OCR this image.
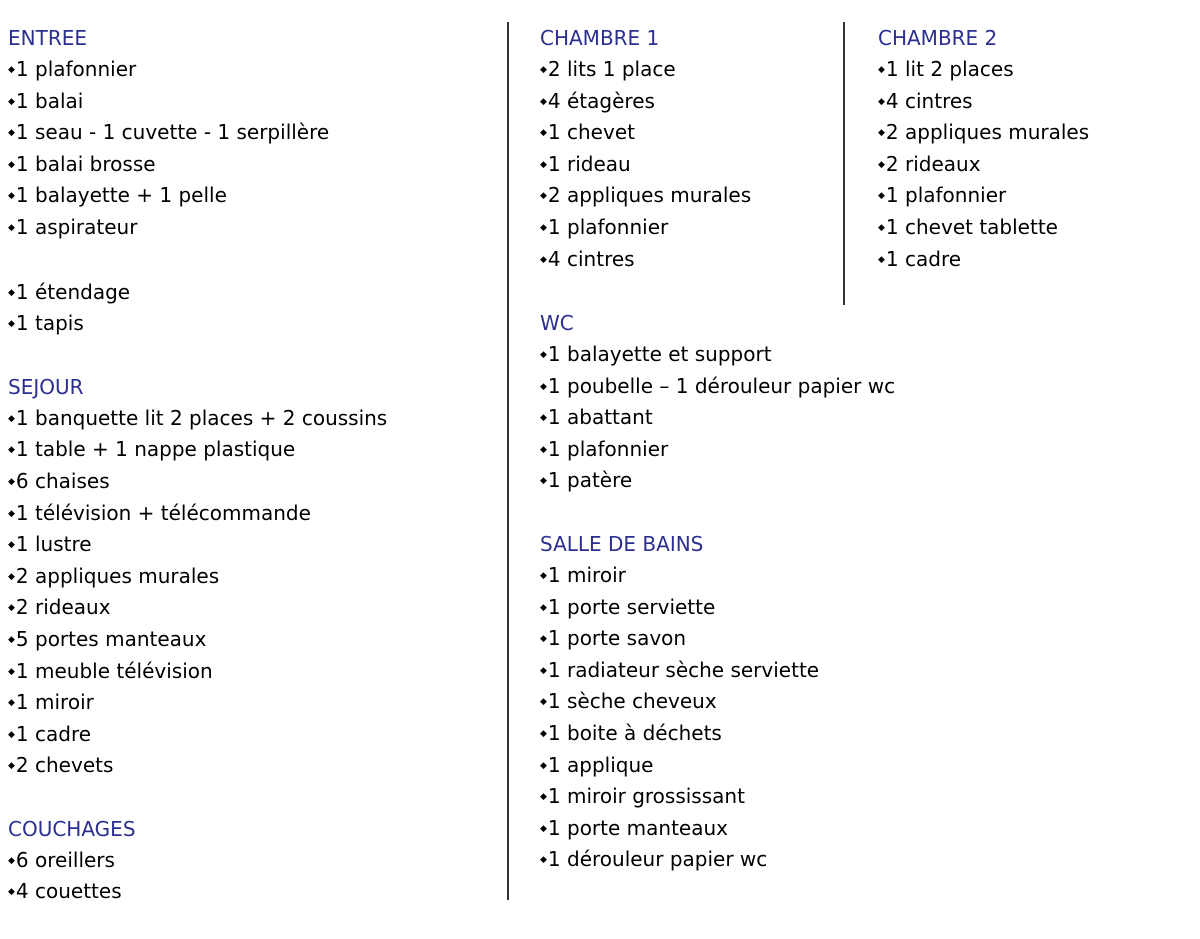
ENTREE
◆ 1 plafonnier
◆ 1 balai
◆ 1 seau - 1 cuvette - 1 serpillère
◆ 1 balai brosse
◆ 1 balayette + 1 pelle
◆ 1 aspirateur
◆ 1 étendage
◆ 1 tapis
SEJOUR
◆ 1 banquette lit 2 places + 2 coussins
◆ 1 table + 1 nappe plastique
◆ 6 chaises
◆ 1 télévision + télécommande
◆ 1 lustre
◆ 2 appliques murales
◆ 2 rideaux
◆ 5 portes manteaux
◆ 1 meuble télévision
◆ 1 miroir
◆ 1 cadre
◆ 2 chevets
COUCHAGES
◆ 6 oreillers
◆ 4 couettes
CHAMBRE 1
◆ 2 lits 1 place
◆ 4 étagères
◆ 1 chevet
◆ 1 rideau
◆ 2 appliques murales
◆ 1 plafonnier
◆ 4 cintres
CHAMBRE 2
◆ 1 lit 2 places
◆ 4 cintres
◆ 2 appliques murales
◆ 2 rideaux
◆ 1 plafonnier
◆ 1 chevet tablette
◆ 1 cadre
WC
◆ 1 balayette et support
◆ 1 poubelle – 1 dérouleur papier wc
◆ 1 abattant
◆ 1 plafonnier
◆ 1 patère
SALLE DE BAINS
◆ 1 miroir
◆ 1 porte serviette
◆ 1 porte savon
◆ 1 radiateur sèche serviette
◆ 1 sèche cheveux
◆ 1 boite à déchets
◆ 1 applique
◆ 1 miroir grossissant
◆ 1 porte manteaux
◆ 1 dérouleur papier wc
